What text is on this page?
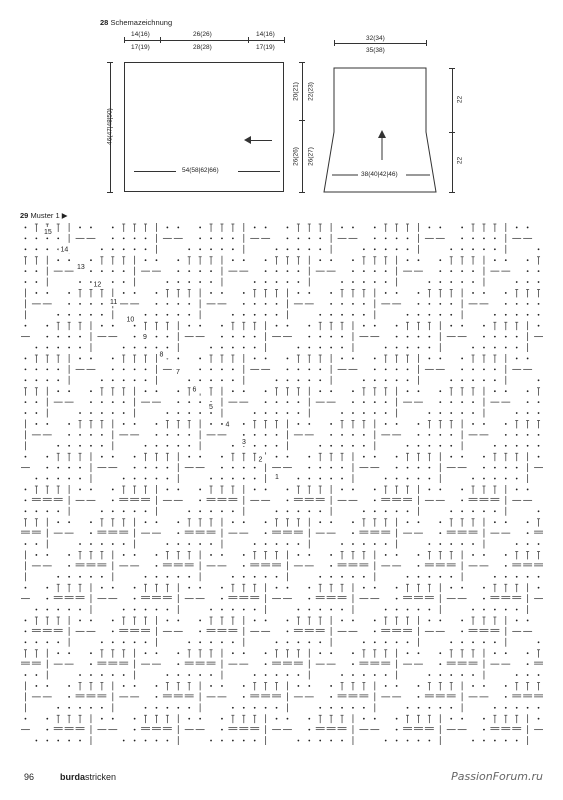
28 Schemazeichnung
14(16)	26(26)	14(16)
17(19)	28(28)	17(19)
54(58|62|66)
46(47|48|50)
20(21) 22(23)
26(26) 26(27)
32(34)
35(38)
38(40|42|46)
22
22
29 Muster 1 ▶
15
14
13
12
11
10
9
8
7
6
5
4
3
2
1
96	burdastricken	PassionForum.ru
